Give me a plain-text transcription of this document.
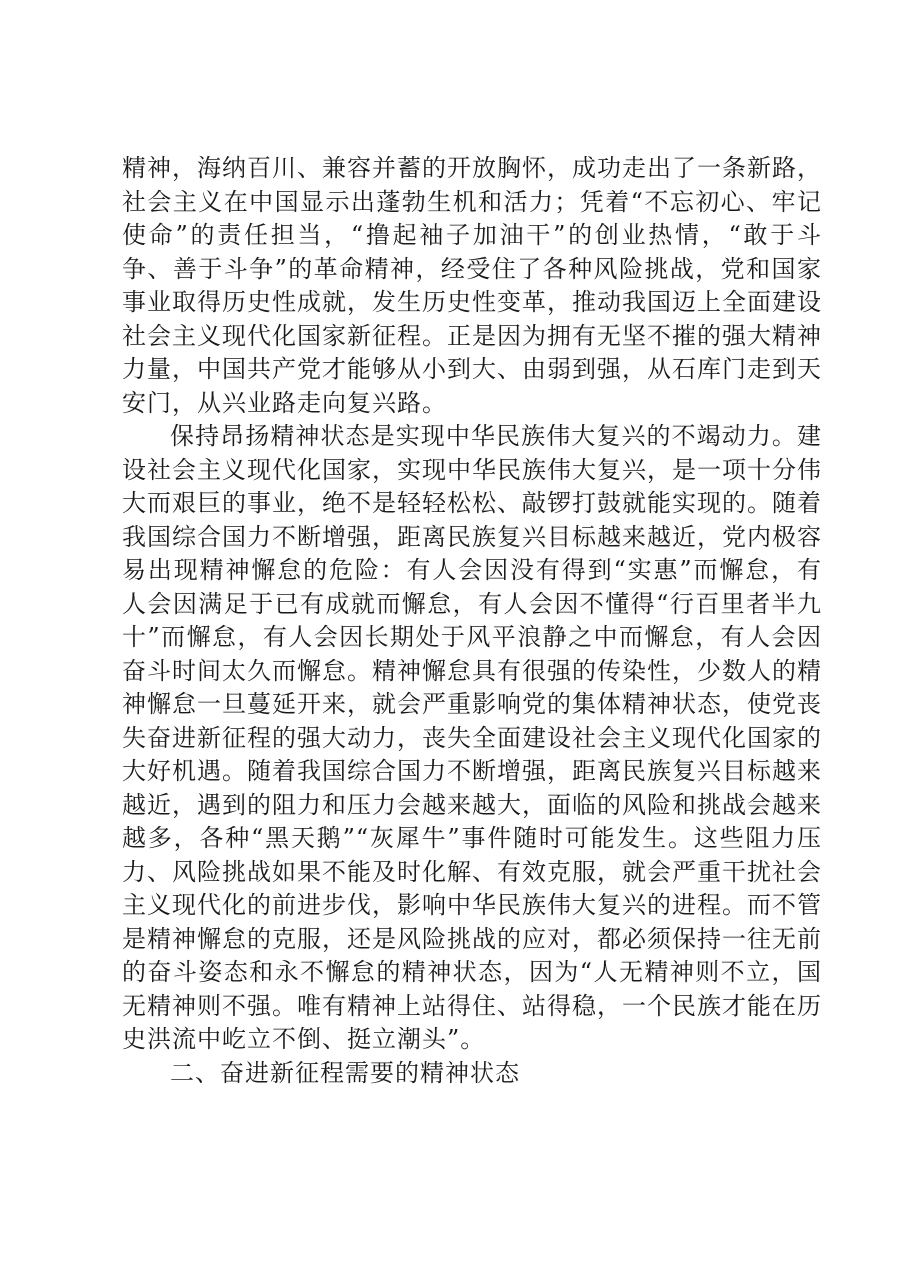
精神，海纳百川、兼容并蓄的开放胸怀，成功走出了一条新路，社会主义在中国显示出蓬勃生机和活力；凭着“不忘初心、牢记使命”的责任担当，“撸起袖子加油干”的创业热情，“敢于斗争、善于斗争”的革命精神，经受住了各种风险挑战，党和国家事业取得历史性成就，发生历史性变革，推动我国迈上全面建设社会主义现代化国家新征程。正是因为拥有无坚不摧的强大精神力量，中国共产党才能够从小到大、由弱到强，从石库门走到天安门，从兴业路走向复兴路。

保持昂扬精神状态是实现中华民族伟大复兴的不竭动力。建设社会主义现代化国家，实现中华民族伟大复兴，是一项十分伟大而艰巨的事业，绝不是轻轻松松、敲锣打鼓就能实现的。随着我国综合国力不断增强，距离民族复兴目标越来越近，党内极容易出现精神懈怠的危险：有人会因没有得到“实惠”而懈怠，有人会因满足于已有成就而懈怠，有人会因不懂得“行百里者半九十”而懈怠，有人会因长期处于风平浪静之中而懈怠，有人会因奋斗时间太久而懈怠。精神懈怠具有很强的传染性，少数人的精神懈怠一旦蔓延开来，就会严重影响党的集体精神状态，使党丧失奋进新征程的强大动力，丧失全面建设社会主义现代化国家的大好机遇。随着我国综合国力不断增强，距离民族复兴目标越来越近，遇到的阻力和压力会越来越大，面临的风险和挑战会越来越多，各种“黑天鹅”“灰犀牛”事件随时可能发生。这些阻力压力、风险挑战如果不能及时化解、有效克服，就会严重干扰社会主义现代化的前进步伐，影响中华民族伟大复兴的进程。而不管是精神懈怠的克服，还是风险挑战的应对，都必须保持一往无前的奋斗姿态和永不懈怠的精神状态，因为“人无精神则不立，国无精神则不强。唯有精神上站得住、站得稳，一个民族才能在历史洪流中屹立不倒、挺立潮头”。

二、奋进新征程需要的精神状态
